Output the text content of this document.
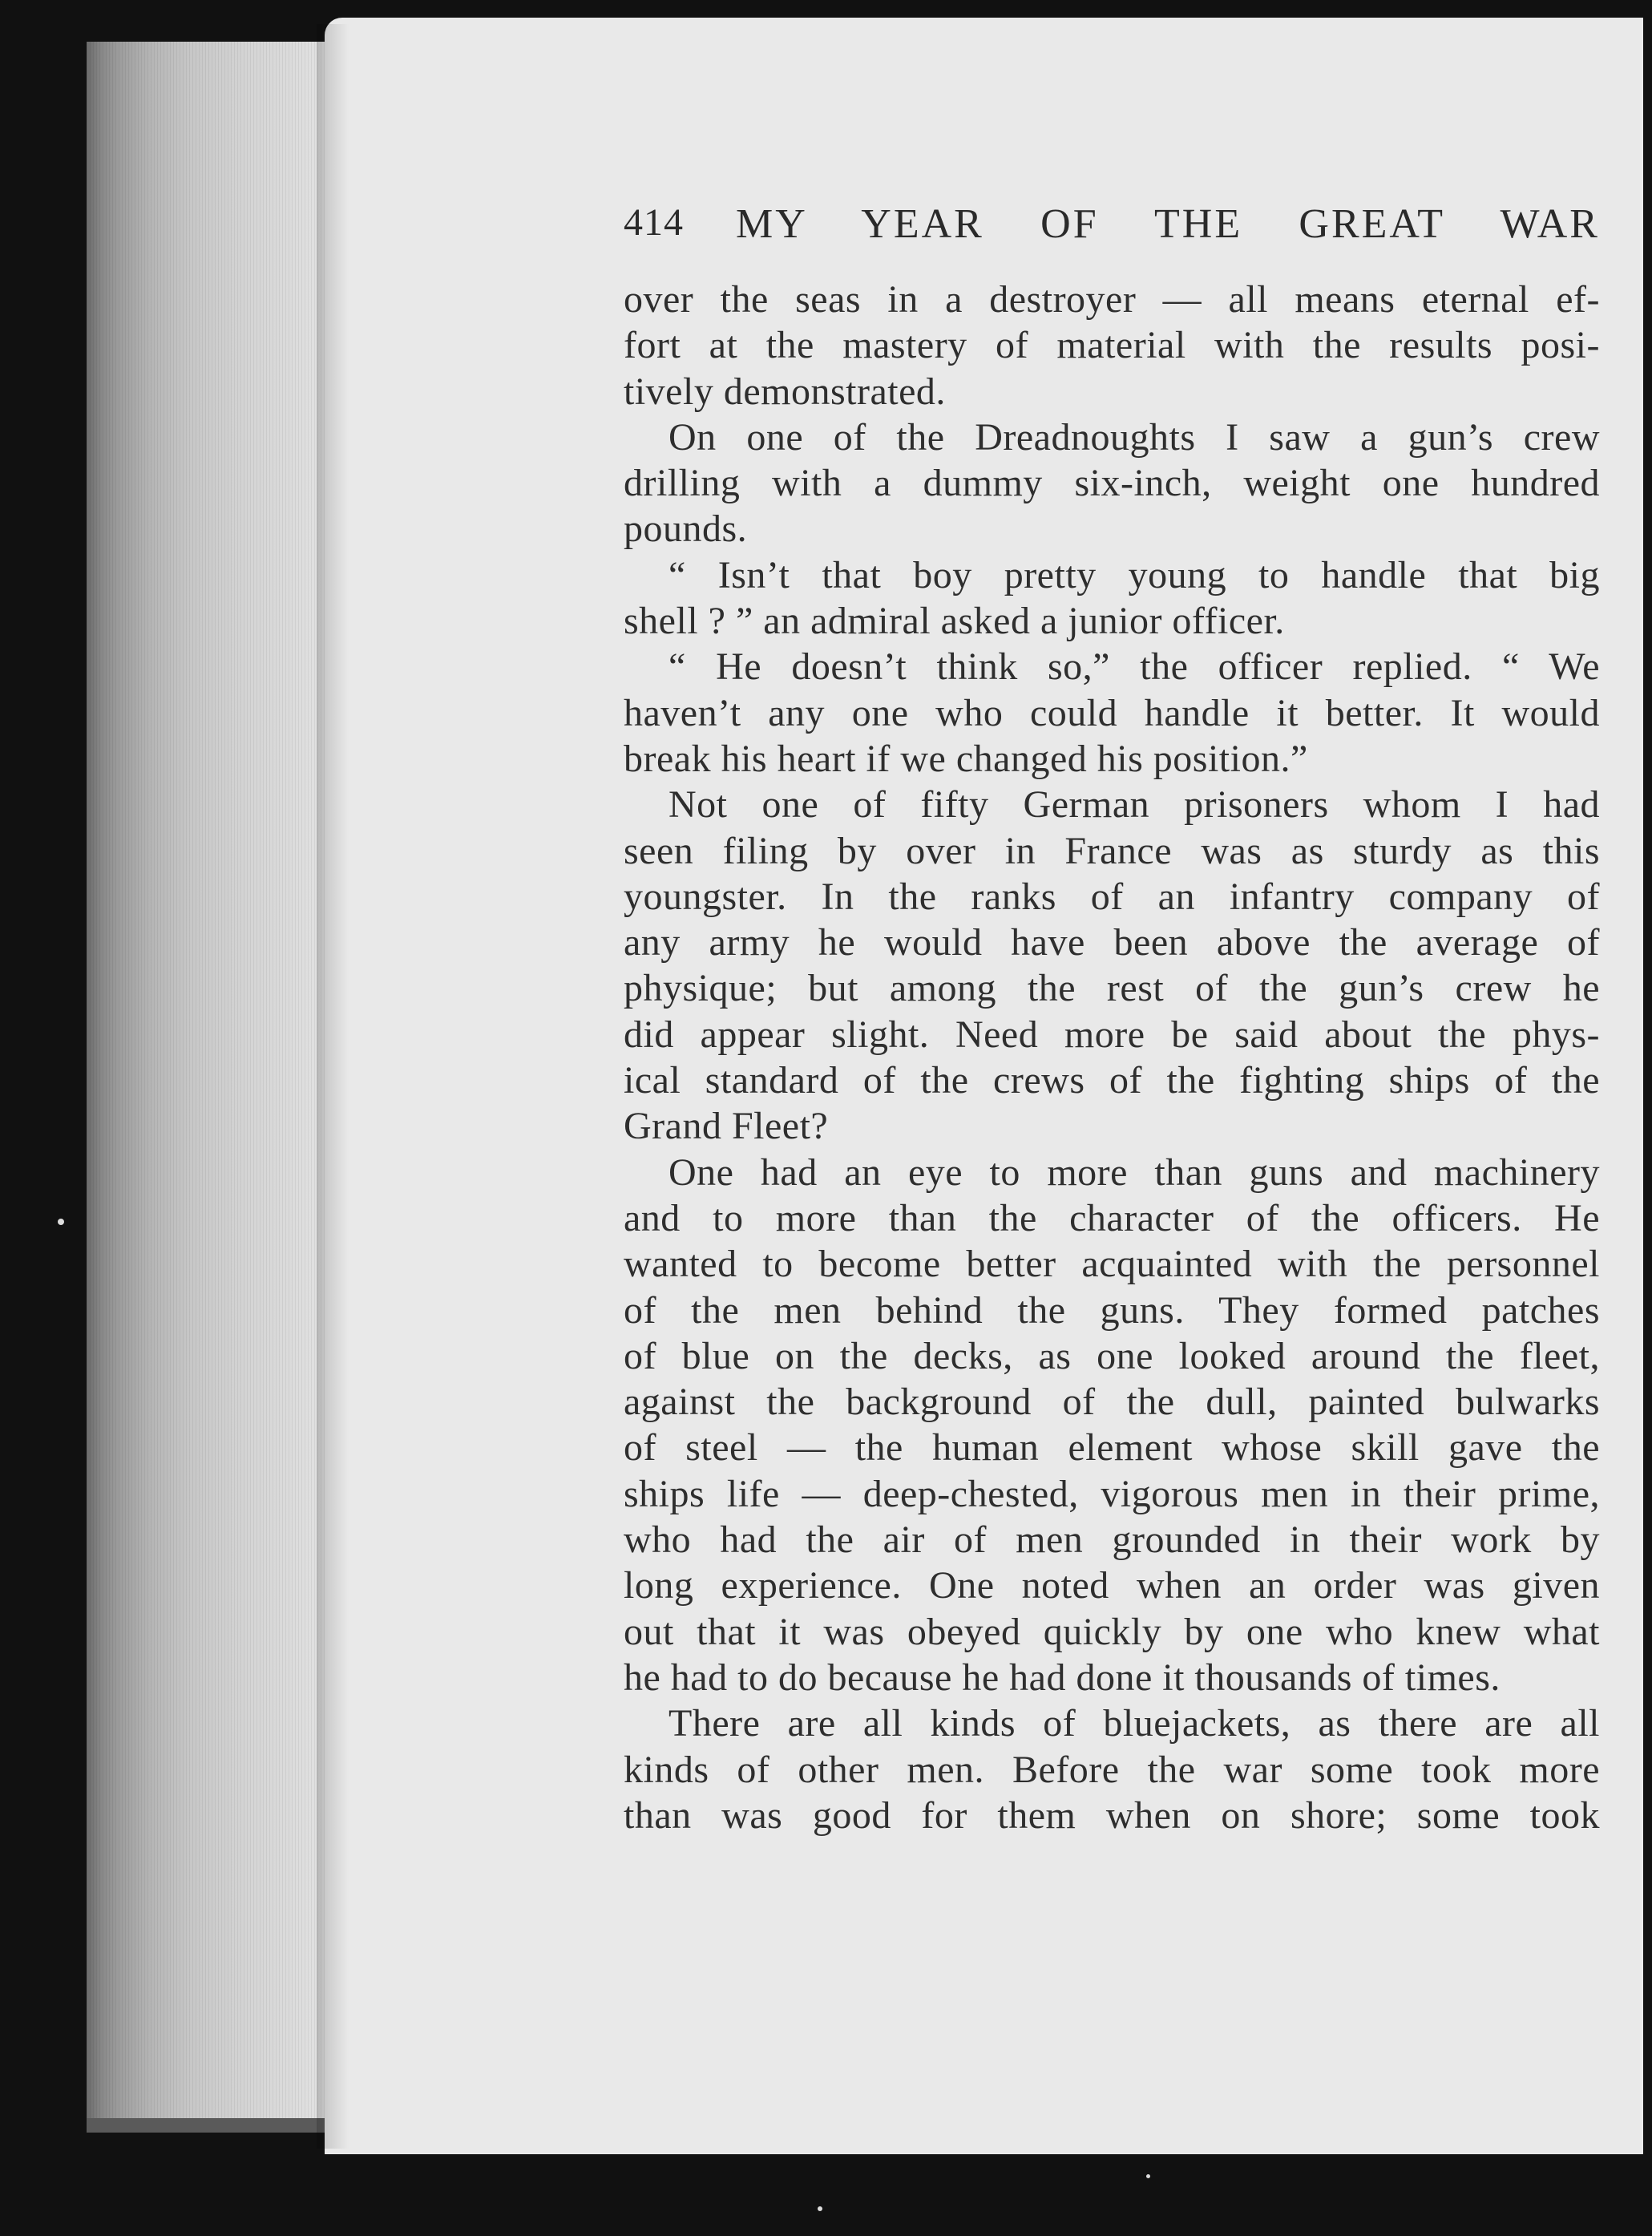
414 MY YEAR OF THE GREAT WAR
over the seas in a destroyer — all means eternal ef-
fort at the mastery of material with the results posi-
tively demonstrated.
On one of the Dreadnoughts I saw a gun’s crew
drilling with a dummy six-inch, weight one hundred
pounds.
“ Isn’t that boy pretty young to handle that big
shell ? ” an admiral asked a junior officer.
“ He doesn’t think so,” the officer replied. “ We
haven’t any one who could handle it better. It would
break his heart if we changed his position.”
Not one of fifty German prisoners whom I had
seen filing by over in France was as sturdy as this
youngster. In the ranks of an infantry company of
any army he would have been above the average of
physique; but among the rest of the gun’s crew he
did appear slight. Need more be said about the phys-
ical standard of the crews of the fighting ships of the
Grand Fleet?
One had an eye to more than guns and machinery
and to more than the character of the officers. He
wanted to become better acquainted with the personnel
of the men behind the guns. They formed patches
of blue on the decks, as one looked around the fleet,
against the background of the dull, painted bulwarks
of steel — the human element whose skill gave the
ships life — deep-chested, vigorous men in their prime,
who had the air of men grounded in their work by
long experience. One noted when an order was given
out that it was obeyed quickly by one who knew what
he had to do because he had done it thousands of times.
There are all kinds of bluejackets, as there are all
kinds of other men. Before the war some took more
than was good for them when on shore; some took
